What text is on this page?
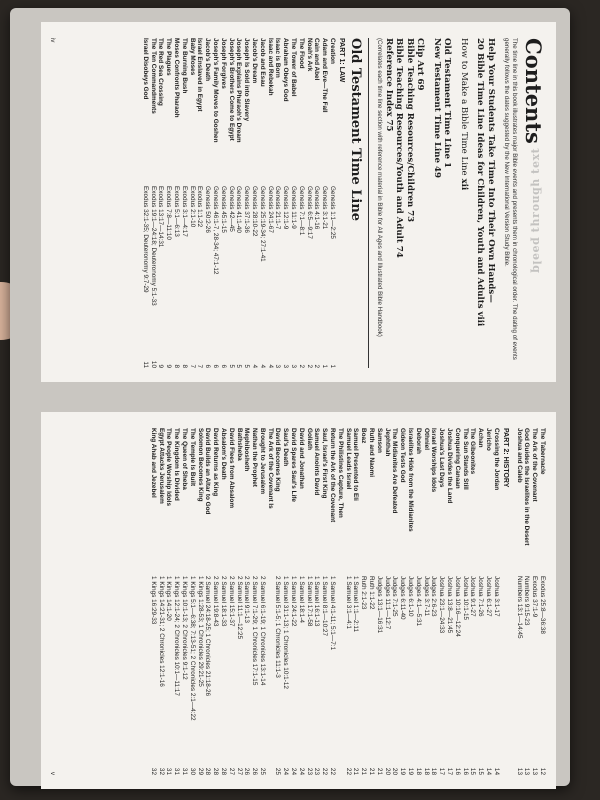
Contents
ʇxǝʇ ɥƃnoɹɥʇ pǝǝlq

The time line in this book illustrates major Bible events and presents them in chronological order. The dating of events generally follows the dates suggested by the New International Version Study Bible.

Help Your Students Take Time Into Their Own Hands—

20 Bible Time Line Ideas for Children, Youth and Adults viii

How to Make a Bible Time Line xii

Old Testament Time Line 1

New Testament Time Line 49

Clip Art 69

Bible Teaching Resources/Children 73

Bible Teaching Resources/Youth and Adult 74

Reference Index 75

(Correlates each time line section with reference material in Bible for All Ages and Illustrated Bible Handbook)

Old Testament Time Line

PART 1: LAW

Creation
Genesis 1:1—2:25
1
Adam and Eve—The Fall
Genesis 3:1-21
1
Cain and Abel
Genesis 4:1-16
2
Noah's Ark
Genesis 6:5—9:17
2
The Flood
Genesis 7:1—8:1
2
The Tower of Babel
Genesis 11:1-9
3
Abraham Obeys God
Genesis 12:1-9
3
Isaac is Born
Genesis 21:1-7
3
Isaac and Rebekah
Genesis 24:1-67
4
Jacob and Esau
Genesis 25:19-34; 27:1-41
4
Jacob's Dream
Genesis 28:10-22
4
Joseph Is Sold into Slavery
Genesis 37:1-36
5
Joseph Explains Pharaoh's Dream
Genesis 41:1-40
5
Joseph's Brothers Come to Egypt
Genesis 42—45
5
Joseph Forgives
Genesis 45:1-15
6
Joseph's Family Moves to Goshen
Genesis 46:1-7, 28-34; 47:1-12
6
Jacob's Death
Genesis 50:2-26
6
Israel Enslaved in Egypt
Exodus 1:1-22
7
Baby Moses
Exodus 2:1-10
7
The Burning Bush
Exodus 3:1—4:17
8
Moses Confronts Pharaoh
Exodus 5:1—6:13
8
The Plagues
Exodus 7:8—11:10
9
The Red Sea Crossing
Exodus 13:17—14:31
9
The Ten Commandments
Exodus 19:1—24:18; Deuteronomy 5:1-33
10
Israel Disobeys God
Exodus 32:1-35; Deuteronomy 9:7-29
11
iv
The Tabernacle
Exodus 25:8—36:38
12
The Ark of the Covenant
Exodus 37:1-9
13
God Guides the Israelites in the Desert
Numbers 9:15-23
13
Joshua and Caleb
Numbers 13:1—14:45
13

PART 2: HISTORY

Crossing the Jordan
Joshua 3:1-17
14
Jericho
Joshua 6:1-27
14
Achan
Joshua 7:1-26
15
The Gibeonites
Joshua 9:1-27
15
The Sun Stands Still
Joshua 10:1-15
16
Conquering Canaan
Joshua 10:16—12:24
16
Joshua Divides the Land
Joshua 13:8—21:45
17
Joshua's Last Days
Joshua 23:1—24:33
17
Israel Worships Idols
Judges 2:6-23
18
Othniel
Judges 3:7-11
18
Deborah
Judges 4:1—5:31
18
Israelites Hide from the Midianites
Judges 6:1-10
19
Gideon Tests God
Judges 6:11-40
19
The Midianites Are Defeated
Judges 7:1-25
20
Jephthah
Judges 11:1—12:7
20
Samson
Judges 13:1—16:31
21
Ruth and Naomi
Ruth 1:1-22
21
Boaz
Ruth 2:1-23
21
Samuel Presented to Eli
1 Samuel 1:1—2:11
21
Samuel Leads Israel
1 Samuel 3:1—4:1
22
The Philistines Capture, Then
Return the Ark of the Covenant
1 Samuel 4:1-11; 5:1—7:1
22
Saul, Israel's First King
1 Samuel 8:1—10:27
22
Samuel Anoints David
1 Samuel 16:1-13
23
Goliath
1 Samuel 17:1-58
23
David and Jonathan
1 Samuel 18:1-4
24
David Spares Saul's Life
1 Samuel 24:1-22
24
Saul's Death
1 Samuel 31:1-13; 1 Chronicles 10:1-12
24
David Becomes King
2 Samuel 5:1-5; 1 Chronicles 11:1-3
25
The Ark of the Covenant Is
Brought to Jerusalem
2 Samuel 6:1-19; 1 Chronicles 13:1-14
25
Nathan the Prophet
2 Samuel 7:1-29; 1 Chronicles 17:1-15
26
Mephibosheth
2 Samuel 9:1-13
26
Bathsheba
2 Samuel 11:1—12:25
27
David Flees from Absalom
2 Samuel 15:1-37
27
Absalom's Death
2 Samuel 18:1-33
28
David Returns as King
2 Samuel 19:8-43
28
David Builds an Altar to God
2 Samuel 24:18-25; 1 Chronicles 21:18-26
28
Solomon Becomes King
1 Kings 1:28-53; 1 Chronicles 29:21-25
29
The Temple Is Built
1 Kings 5:1—6:38; 7:13-51; 2 Chronicles 2:1—4:22
30
The Queen of Sheba
1 Kings 10:1-13; 2 Chronicles 9:1-12
31
The Kingdom Is Divided
1 Kings 12:1-24; 2 Chronicles 10:1—11:17
31
The People Worship Idols
1 Kings 14:1-20
31
Egypt Attacks Jerusalem
1 Kings 14:21-31; 2 Chronicles 12:1-16
32
King Ahab and Jezebel
1 Kings 16:29-33
32
v
